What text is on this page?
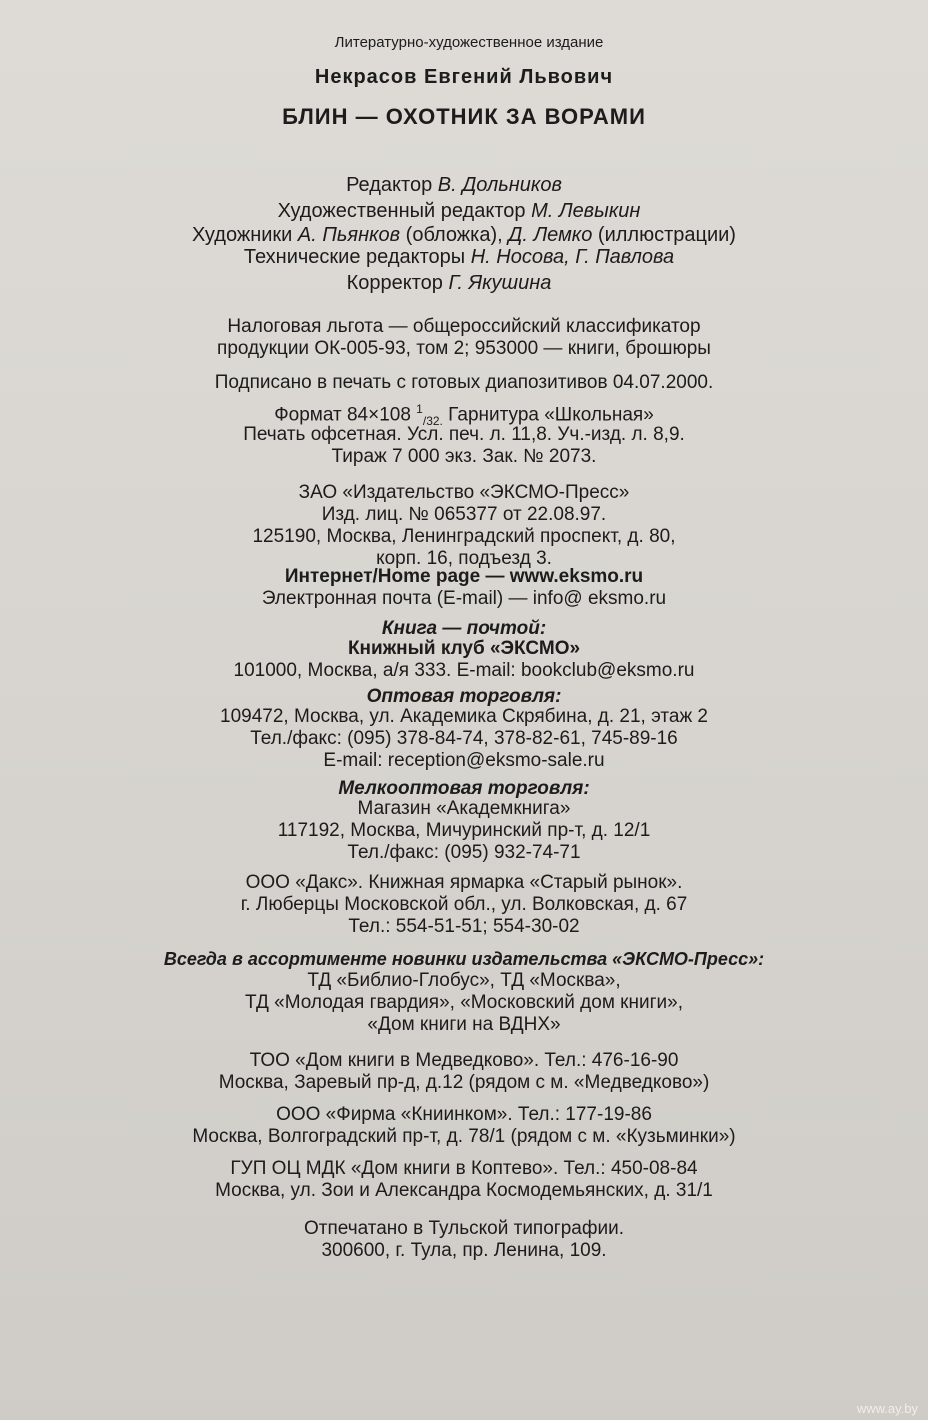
Литературно-художественное издание
Некрасов Евгений Львович
БЛИН — ОХОТНИК ЗА ВОРАМИ
Редактор В. Дольников
Художественный редактор М. Левыкин
Художники А. Пьянков (обложка), Д. Лемко (иллюстрации)
Технические редакторы Н. Носова, Г. Павлова
Корректор Г. Якушина
Налоговая льгота — общероссийский классификатор
продукции ОК-005-93, том 2; 953000 — книги, брошюры
Подписано в печать с готовых диапозитивов 04.07.2000.
Формат 84×108 $^1_{/32.}$ Гарнитура «Школьная»
Печать офсетная. Усл. печ. л. 11,8. Уч.-изд. л. 8,9.
Тираж 7 000 экз. Зак. № 2073.
ЗАО «Издательство «ЭКСМО-Пресс»
Изд. лиц. № 065377 от 22.08.97.
125190, Москва, Ленинградский проспект, д. 80,
корп. 16, подъезд 3.
Интернет/Home page — www.eksmo.ru
Электронная почта (E-mail) — info@ eksmo.ru
Книга — почтой:
Книжный клуб «ЭКСМО»
101000, Москва, а/я 333. E-mail: bookclub@eksmo.ru
Оптовая торговля:
109472, Москва, ул. Академика Скрябина, д. 21, этаж 2
Тел./факс: (095) 378-84-74, 378-82-61, 745-89-16
E-mail: reception@eksmo-sale.ru
Мелкооптовая торговля:
Магазин «Академкнига»
117192, Москва, Мичуринский пр-т, д. 12/1
Тел./факс: (095) 932-74-71
ООО «Дакс». Книжная ярмарка «Старый рынок».
г. Люберцы Московской обл., ул. Волковская, д. 67
Тел.: 554-51-51; 554-30-02
Всегда в ассортименте новинки издательства «ЭКСМО-Пресс»:
ТД «Библио-Глобус», ТД «Москва»,
ТД «Молодая гвардия», «Московский дом книги»,
«Дом книги на ВДНХ»
ТОО «Дом книги в Медведково». Тел.: 476-16-90
Москва, Заревый пр-д, д.12 (рядом с м. «Медведково»)
ООО «Фирма «Книинком». Тел.: 177-19-86
Москва, Волгоградский пр-т, д. 78/1 (рядом с м. «Кузьминки»)
ГУП ОЦ МДК «Дом книги в Коптево». Тел.: 450-08-84
Москва, ул. Зои и Александра Космодемьянских, д. 31/1
Отпечатано в Тульской типографии.
300600, г. Тула, пр. Ленина, 109.
www.ay.by
